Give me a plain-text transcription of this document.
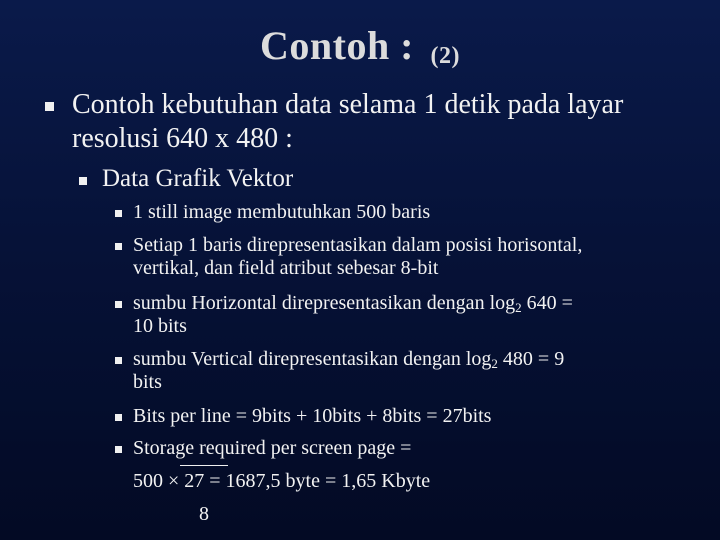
Contoh : (2)
Contoh kebutuhan data selama 1 detik pada layar resolusi 640 x 480 :
Data Grafik Vektor
1 still image membutuhkan 500 baris
Setiap 1 baris direpresentasikan dalam posisi horisontal,
vertikal, dan field atribut sebesar 8-bit
sumbu Horizontal direpresentasikan dengan $\log_2 640$ =
10 bits
sumbu Vertical direpresentasikan dengan $\log_2 480 = 9$
bits
Bits per line = 9bits + 10bits + 8bits = 27bits
Storage required per screen page =
500 × 27 = 1687,5 byte = 1,65 Kbyte
8
